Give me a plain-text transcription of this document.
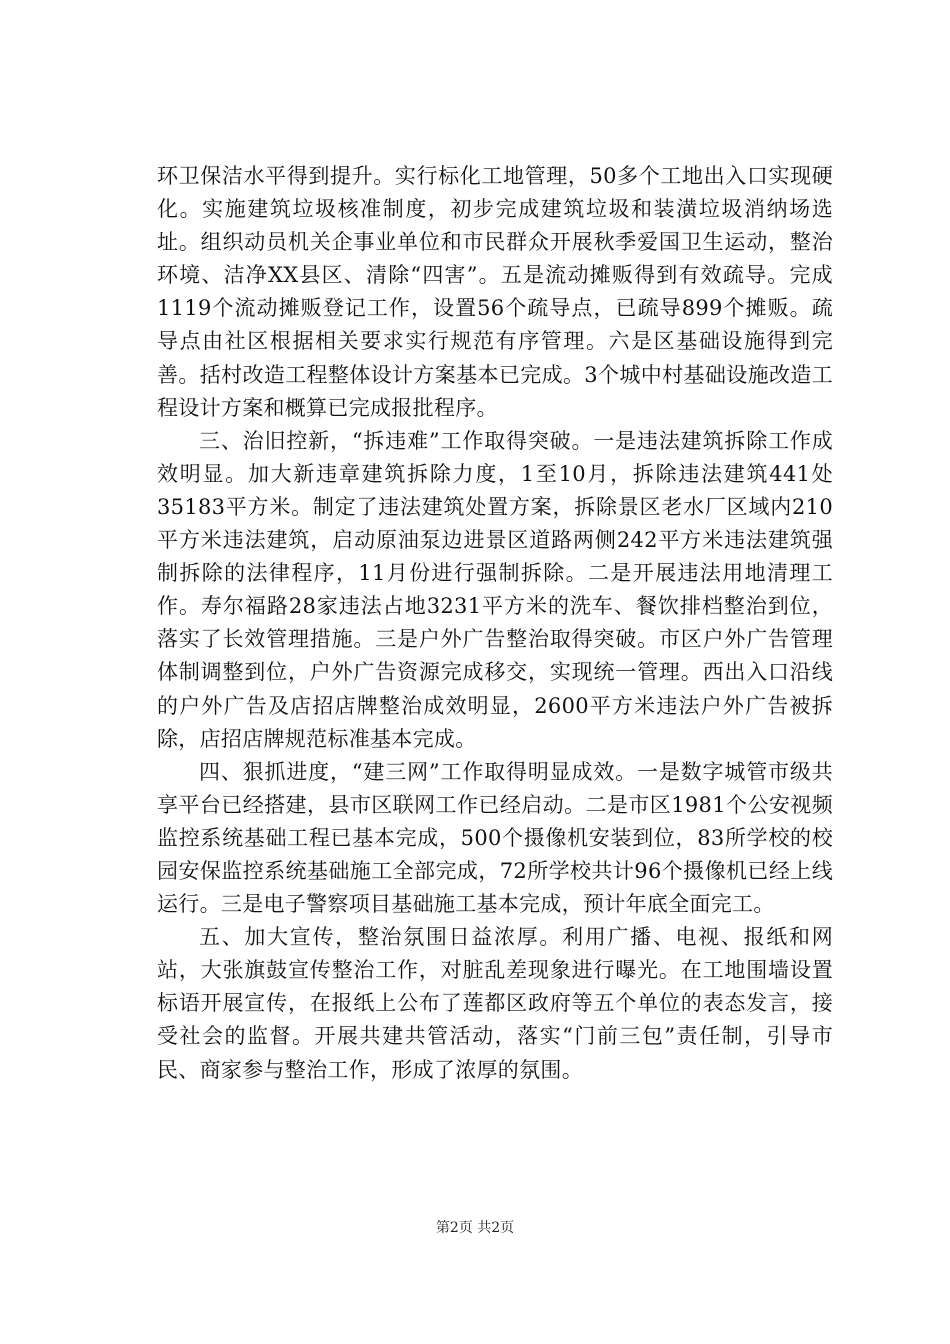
环卫保洁水平得到提升。实行标化工地管理，50多个工地出入口实现硬化。实施建筑垃圾核准制度，初步完成建筑垃圾和装潢垃圾消纳场选址。组织动员机关企事业单位和市民群众开展秋季爱国卫生运动，整治环境、洁净XX县区、清除“四害”。五是流动摊贩得到有效疏导。完成1119个流动摊贩登记工作，设置56个疏导点，已疏导899个摊贩。疏导点由社区根据相关要求实行规范有序管理。六是区基础设施得到完善。括村改造工程整体设计方案基本已完成。3个城中村基础设施改造工程设计方案和概算已完成报批程序。

三、治旧控新，“拆违难”工作取得突破。一是违法建筑拆除工作成效明显。加大新违章建筑拆除力度，1至10月，拆除违法建筑441处35183平方米。制定了违法建筑处置方案，拆除景区老水厂区域内210平方米违法建筑，启动原油泵边进景区道路两侧242平方米违法建筑强制拆除的法律程序，11月份进行强制拆除。二是开展违法用地清理工作。寿尔福路28家违法占地3231平方米的洗车、餐饮排档整治到位，落实了长效管理措施。三是户外广告整治取得突破。市区户外广告管理体制调整到位，户外广告资源完成移交，实现统一管理。西出入口沿线的户外广告及店招店牌整治成效明显，2600平方米违法户外广告被拆除，店招店牌规范标准基本完成。

四、狠抓进度，“建三网”工作取得明显成效。一是数字城管市级共享平台已经搭建，县市区联网工作已经启动。二是市区1981个公安视频监控系统基础工程已基本完成，500个摄像机安装到位，83所学校的校园安保监控系统基础施工全部完成，72所学校共计96个摄像机已经上线运行。三是电子警察项目基础施工基本完成，预计年底全面完工。

五、加大宣传，整治氛围日益浓厚。利用广播、电视、报纸和网站，大张旗鼓宣传整治工作，对脏乱差现象进行曝光。在工地围墙设置标语开展宣传，在报纸上公布了莲都区政府等五个单位的表态发言，接受社会的监督。开展共建共管活动，落实“门前三包”责任制，引导市民、商家参与整治工作，形成了浓厚的氛围。

第2页 共2页
